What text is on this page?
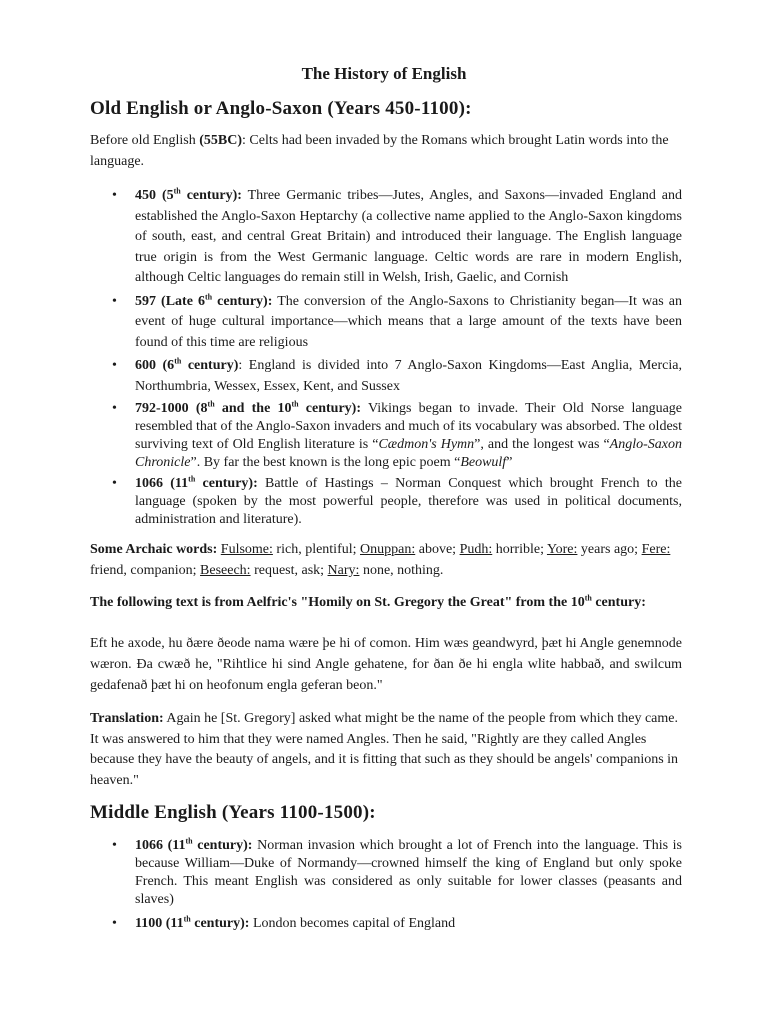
The History of English
Old English or Anglo-Saxon (Years 450-1100):

Before old English (55BC): Celts had been invaded by the Romans which brought Latin words into the language.

• 450 (5th century): Three Germanic tribes—Jutes, Angles, and Saxons—invaded England and established the Anglo-Saxon Heptarchy (a collective name applied to the Anglo-Saxon kingdoms of south, east, and central Great Britain) and introduced their language. The English language true origin is from the West Germanic language. Celtic words are rare in modern English, although Celtic languages do remain still in Welsh, Irish, Gaelic, and Cornish
• 597 (Late 6th century): The conversion of the Anglo-Saxons to Christianity began—It was an event of huge cultural importance—which means that a large amount of the texts have been found of this time are religious
• 600 (6th century): England is divided into 7 Anglo-Saxon Kingdoms—East Anglia, Mercia, Northumbria, Wessex, Essex, Kent, and Sussex
• 792-1000 (8th and the 10th century): Vikings began to invade. Their Old Norse language resembled that of the Anglo-Saxon invaders and much of its vocabulary was absorbed. The oldest surviving text of Old English literature is “Cædmon's Hymn”, and the longest was “Anglo-Saxon Chronicle”. By far the best known is the long epic poem “Beowulf”
• 1066 (11th century): Battle of Hastings – Norman Conquest which brought French to the language (spoken by the most powerful people, therefore was used in political documents, administration and literature).

Some Archaic words: Fulsome: rich, plentiful; Onuppan: above; Pudh: horrible; Yore: years ago; Fere: friend, companion; Beseech: request, ask; Nary: none, nothing.

The following text is from Aelfric's "Homily on St. Gregory the Great" from the 10th century:

Eft he axode, hu ðære ðeode nama wære þe hi of comon. Him wæs geandwyrd, þæt hi Angle genemnode wæron. Ða cwæð he, "Rihtlice hi sind Angle gehatene, for ðan ðe hi engla wlite habbað, and swilcum gedafenað þæt hi on heofonum engla geferan beon."

Translation: Again he [St. Gregory] asked what might be the name of the people from which they came. It was answered to him that they were named Angles. Then he said, "Rightly are they called Angles because they have the beauty of angels, and it is fitting that such as they should be angels' companions in heaven."

Middle English (Years 1100-1500):
• 1066 (11th century): Norman invasion which brought a lot of French into the language. This is because William—Duke of Normandy—crowned himself the king of England but only spoke French. This meant English was considered as only suitable for lower classes (peasants and slaves)
• 1100 (11th century): London becomes capital of England
